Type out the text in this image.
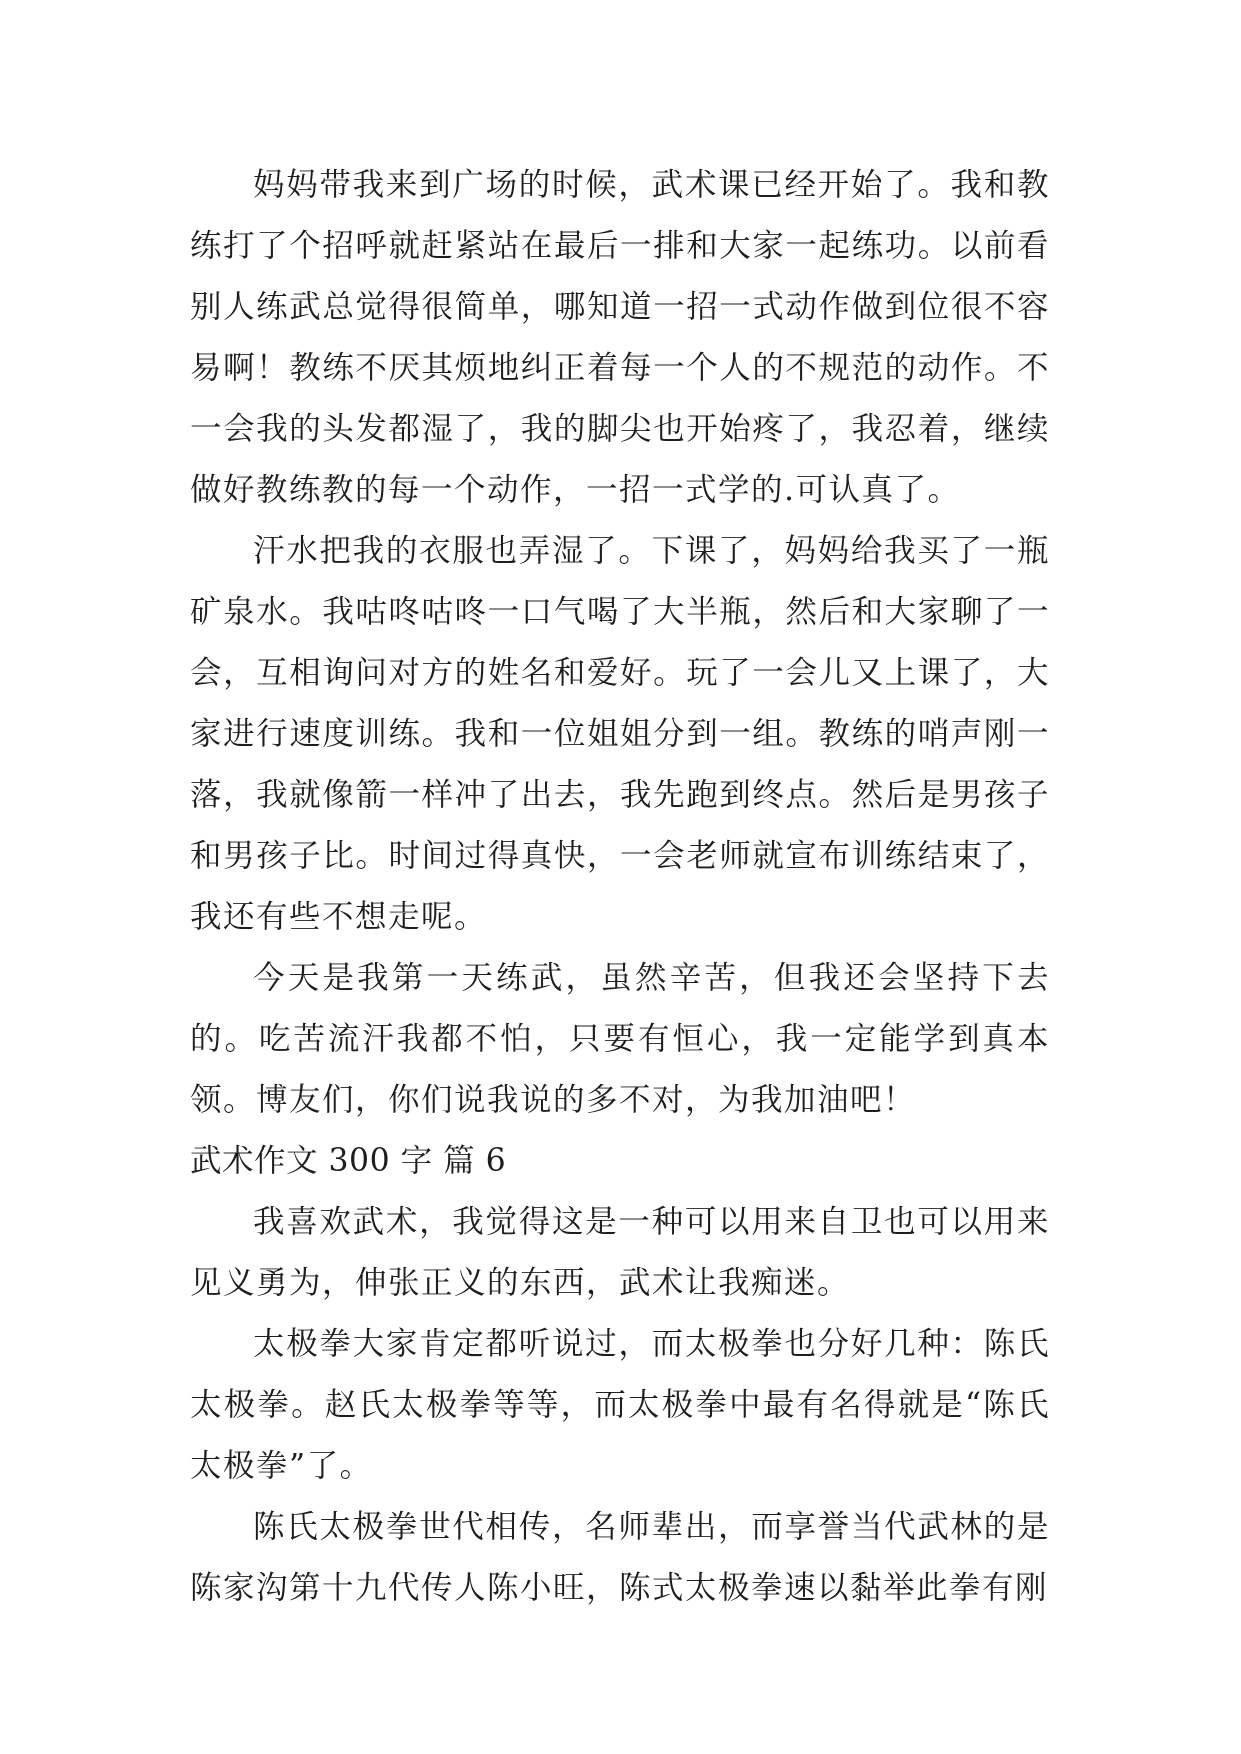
妈妈带我来到广场的时候，武术课已经开始了。我和教练打了个招呼就赶紧站在最后一排和大家一起练功。以前看别人练武总觉得很简单，哪知道一招一式动作做到位很不容易啊！教练不厌其烦地纠正着每一个人的不规范的动作。不一会我的头发都湿了，我的脚尖也开始疼了，我忍着，继续做好教练教的每一个动作，一招一式学的.可认真了。

汗水把我的衣服也弄湿了。下课了，妈妈给我买了一瓶矿泉水。我咕咚咕咚一口气喝了大半瓶，然后和大家聊了一会，互相询问对方的姓名和爱好。玩了一会儿又上课了，大家进行速度训练。我和一位姐姐分到一组。教练的哨声刚一落，我就像箭一样冲了出去，我先跑到终点。然后是男孩子和男孩子比。时间过得真快，一会老师就宣布训练结束了，我还有些不想走呢。

今天是我第一天练武，虽然辛苦，但我还会坚持下去的。吃苦流汗我都不怕，只要有恒心，我一定能学到真本领。博友们，你们说我说的多不对，为我加油吧！

武术作文 300 字 篇 6

我喜欢武术，我觉得这是一种可以用来自卫也可以用来见义勇为，伸张正义的东西，武术让我痴迷。

太极拳大家肯定都听说过，而太极拳也分好几种：陈氏太极拳。赵氏太极拳等等，而太极拳中最有名得就是“陈氏太极拳”了。

陈氏太极拳世代相传，名师辈出，而享誉当代武林的是陈家沟第十九代传人陈小旺，陈式太极拳速以黏举此拳有刚
